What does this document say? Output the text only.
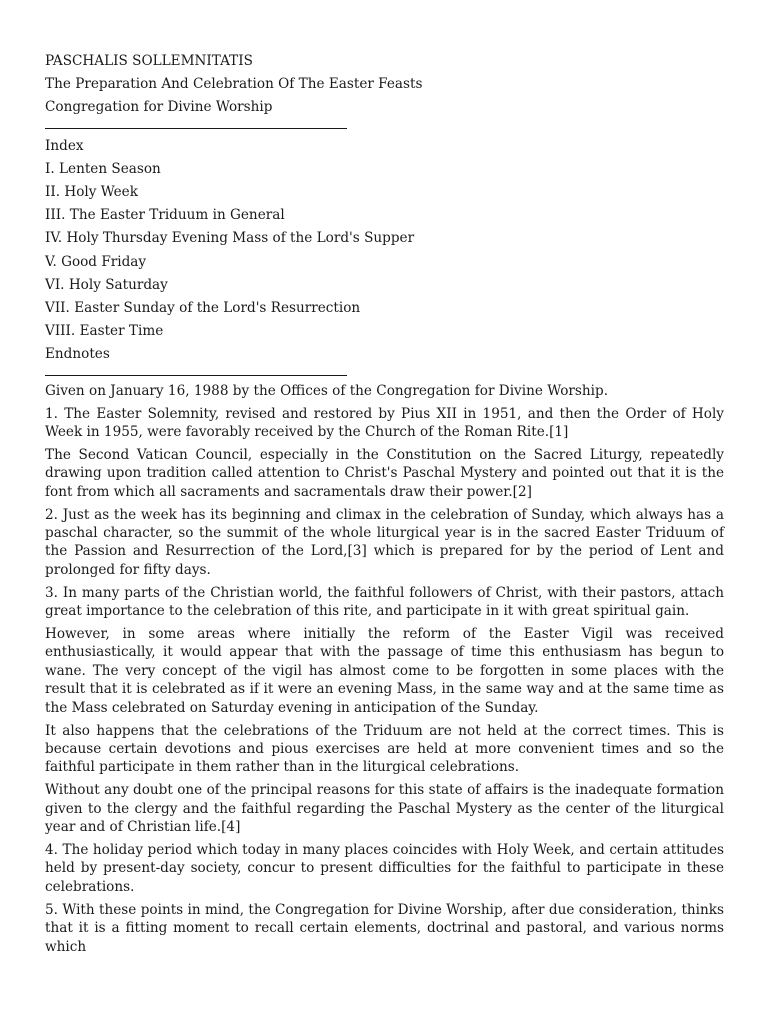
PASCHALIS SOLLEMNITATIS
The Preparation And Celebration Of The Easter Feasts
Congregation for Divine Worship
Index
I. Lenten Season
II. Holy Week
III. The Easter Triduum in General
IV. Holy Thursday Evening Mass of the Lord's Supper
V. Good Friday
VI. Holy Saturday
VII. Easter Sunday of the Lord's Resurrection
VIII. Easter Time
Endnotes

Given on January 16, 1988 by the Offices of the Congregation for Divine Worship.

1. The Easter Solemnity, revised and restored by Pius XII in 1951, and then the Order of Holy Week in 1955, were favorably received by the Church of the Roman Rite.[1]

The Second Vatican Council, especially in the Constitution on the Sacred Liturgy, repeatedly drawing upon tradition called attention to Christ's Paschal Mystery and pointed out that it is the font from which all sacraments and sacramentals draw their power.[2]

2. Just as the week has its beginning and climax in the celebration of Sunday, which always has a paschal character, so the summit of the whole liturgical year is in the sacred Easter Triduum of the Passion and Resurrection of the Lord,[3] which is prepared for by the period of Lent and prolonged for fifty days.

3. In many parts of the Christian world, the faithful followers of Christ, with their pastors, attach great importance to the celebration of this rite, and participate in it with great spiritual gain.

However, in some areas where initially the reform of the Easter Vigil was received enthusiastically, it would appear that with the passage of time this enthusiasm has begun to wane. The very concept of the vigil has almost come to be forgotten in some places with the result that it is celebrated as if it were an evening Mass, in the same way and at the same time as the Mass celebrated on Saturday evening in anticipation of the Sunday.

It also happens that the celebrations of the Triduum are not held at the correct times. This is because certain devotions and pious exercises are held at more convenient times and so the faithful participate in them rather than in the liturgical celebrations.

Without any doubt one of the principal reasons for this state of affairs is the inadequate formation given to the clergy and the faithful regarding the Paschal Mystery as the center of the liturgical year and of Christian life.[4]

4. The holiday period which today in many places coincides with Holy Week, and certain attitudes held by present-day society, concur to present difficulties for the faithful to participate in these celebrations.

5. With these points in mind, the Congregation for Divine Worship, after due consideration, thinks that it is a fitting moment to recall certain elements, doctrinal and pastoral, and various norms which
